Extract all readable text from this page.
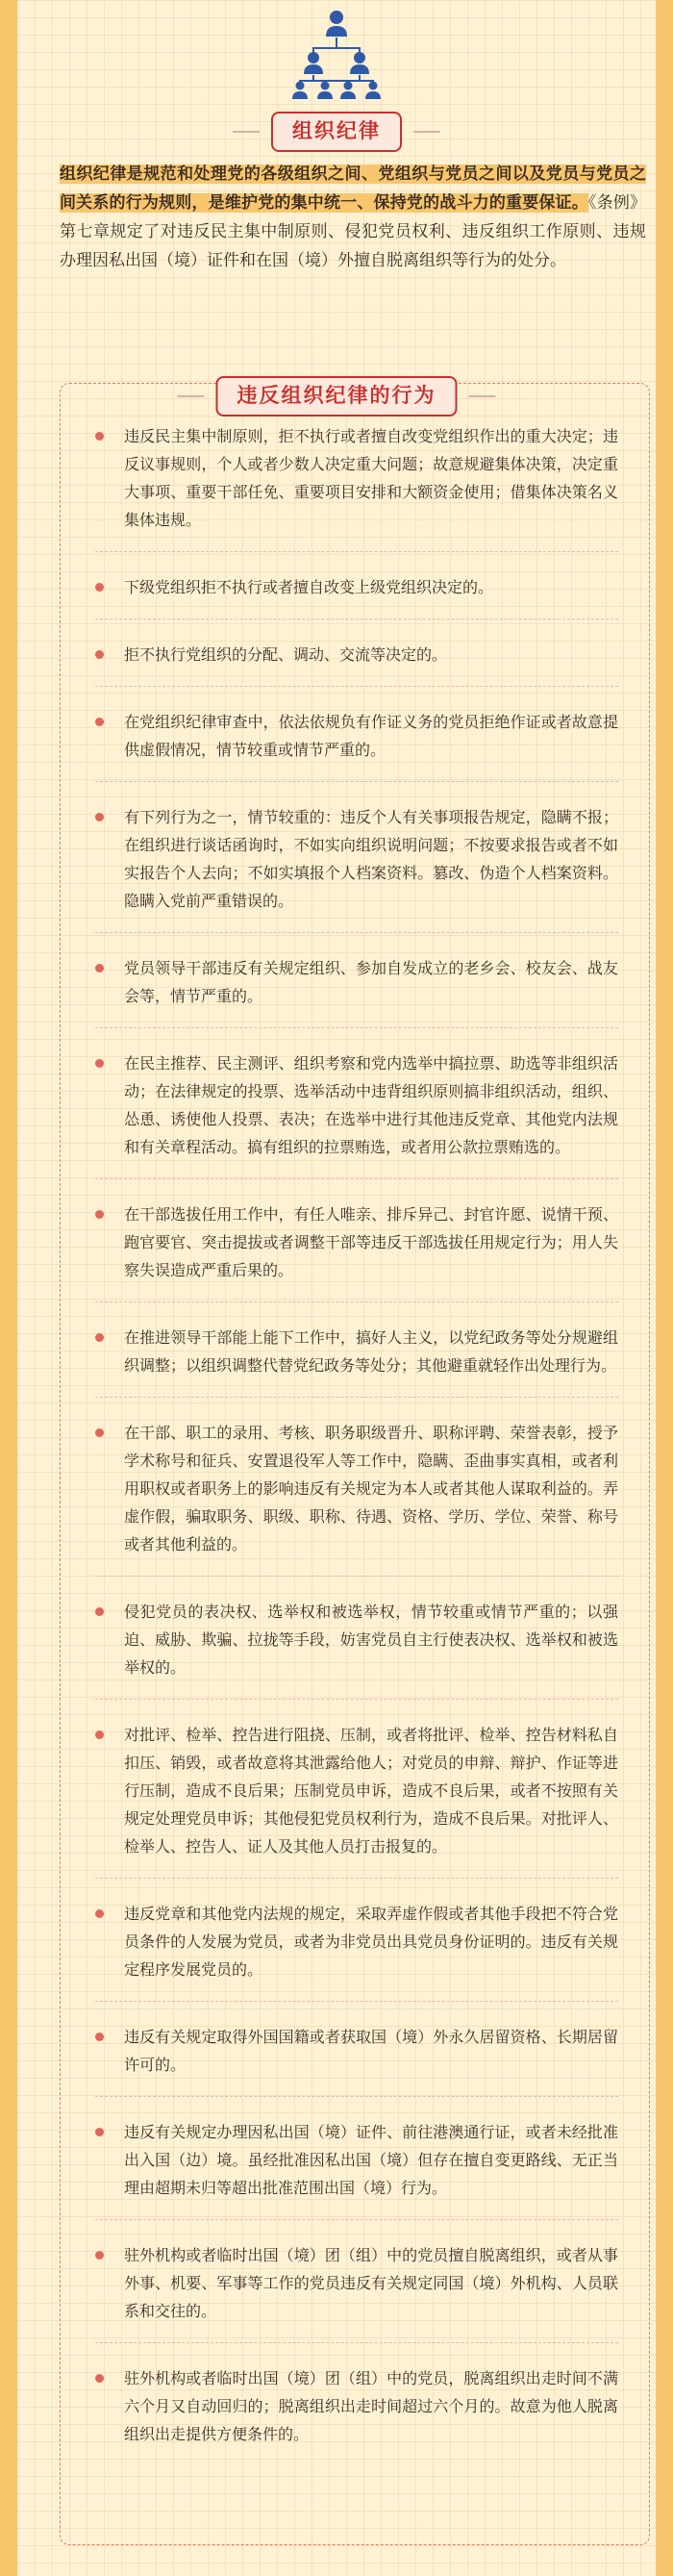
组织纪律

组织纪律是规范和处理党的各级组织之间、党组织与党员之间以及党员与党员之间关系的行为规则，是维护党的集中统一、保持党的战斗力的重要保证。《条例》第七章规定了对违反民主集中制原则、侵犯党员权利、违反组织工作原则、违规办理因私出国（境）证件和在国（境）外擅自脱离组织等行为的处分。

违反民主集中制原则，拒不执行或者擅自改变党组织作出的重大决定；违反议事规则，个人或者少数人决定重大问题；故意规避集体决策，决定重大事项、重要干部任免、重要项目安排和大额资金使用；借集体决策名义集体违规。
下级党组织拒不执行或者擅自改变上级党组织决定的。
拒不执行党组织的分配、调动、交流等决定的。
在党组织纪律审查中，依法依规负有作证义务的党员拒绝作证或者故意提供虚假情况，情节较重或情节严重的。
有下列行为之一，情节较重的：违反个人有关事项报告规定，隐瞒不报；在组织进行谈话函询时，不如实向组织说明问题；不按要求报告或者不如实报告个人去向；不如实填报个人档案资料。篡改、伪造个人档案资料。隐瞒入党前严重错误的。
党员领导干部违反有关规定组织、参加自发成立的老乡会、校友会、战友会等，情节严重的。
在民主推荐、民主测评、组织考察和党内选举中搞拉票、助选等非组织活动；在法律规定的投票、选举活动中违背组织原则搞非组织活动，组织、怂恿、诱使他人投票、表决；在选举中进行其他违反党章、其他党内法规和有关章程活动。搞有组织的拉票贿选，或者用公款拉票贿选的。
在干部选拔任用工作中，有任人唯亲、排斥异己、封官许愿、说情干预、跑官要官、突击提拔或者调整干部等违反干部选拔任用规定行为；用人失察失误造成严重后果的。
在推进领导干部能上能下工作中，搞好人主义，以党纪政务等处分规避组织调整；以组织调整代替党纪政务等处分；其他避重就轻作出处理行为。
在干部、职工的录用、考核、职务职级晋升、职称评聘、荣誉表彰，授予学术称号和征兵、安置退役军人等工作中，隐瞒、歪曲事实真相，或者利用职权或者职务上的影响违反有关规定为本人或者其他人谋取利益的。弄虚作假，骗取职务、职级、职称、待遇、资格、学历、学位、荣誉、称号或者其他利益的。
侵犯党员的表决权、选举权和被选举权，情节较重或情节严重的；以强迫、威胁、欺骗、拉拢等手段，妨害党员自主行使表决权、选举权和被选举权的。
对批评、检举、控告进行阻挠、压制，或者将批评、检举、控告材料私自扣压、销毁，或者故意将其泄露给他人；对党员的申辩、辩护、作证等进行压制，造成不良后果；压制党员申诉，造成不良后果，或者不按照有关规定处理党员申诉；其他侵犯党员权利行为，造成不良后果。对批评人、检举人、控告人、证人及其他人员打击报复的。
违反党章和其他党内法规的规定，采取弄虚作假或者其他手段把不符合党员条件的人发展为党员，或者为非党员出具党员身份证明的。违反有关规定程序发展党员的。
违反有关规定取得外国国籍或者获取国（境）外永久居留资格、长期居留许可的。
违反有关规定办理因私出国（境）证件、前往港澳通行证，或者未经批准出入国（边）境。虽经批准因私出国（境）但存在擅自变更路线、无正当理由超期未归等超出批准范围出国（境）行为。
驻外机构或者临时出国（境）团（组）中的党员擅自脱离组织，或者从事外事、机要、军事等工作的党员违反有关规定同国（境）外机构、人员联系和交往的。
驻外机构或者临时出国（境）团（组）中的党员，脱离组织出走时间不满六个月又自动回归的；脱离组织出走时间超过六个月的。故意为他人脱离组织出走提供方便条件的。
违反组织纪律的行为
